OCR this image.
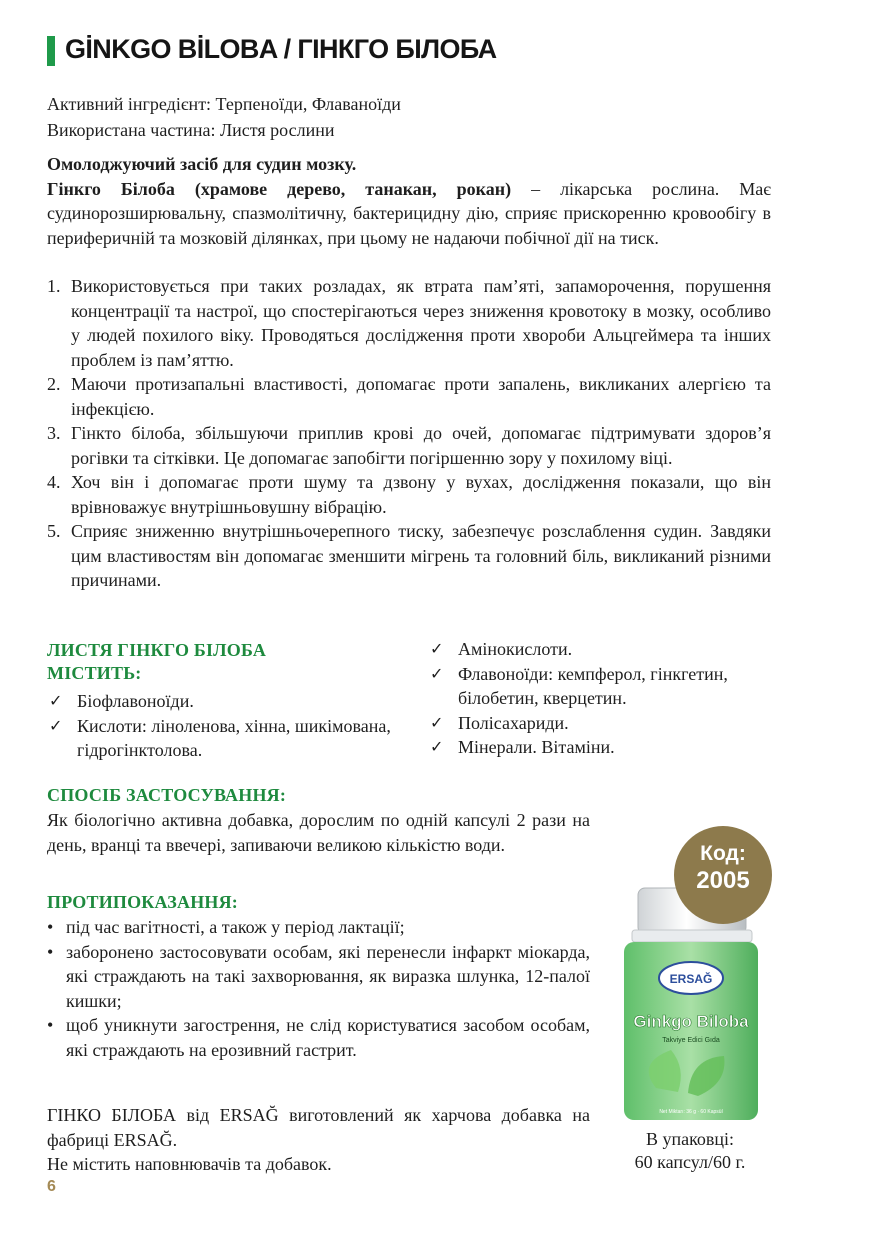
GİNKGO BİLOBA / ГІНКГО БІЛОБА
Активний інгредієнт: Терпеноїди, Флаваноїди
Використана частина: Листя рослини
Омолоджуючий засіб для судин мозку.
Гінкго Білоба (храмове дерево, танакан, рокан) – лікарська рослина. Має судинорозширювальну, спазмолітичну, бактерицидну дію, сприяє прискоренню кровообігу в периферичній та мозковій ділянках, при цьому не надаючи побічної дії на тиск.
1. Використовується при таких розладах, як втрата пам’яті, запаморочення, порушення концентрації та настрої, що спостерігаються через зниження кровотоку в мозку, особливо у людей похилого віку. Проводяться дослідження проти хвороби Альцгеймера та інших проблем із пам’яттю.
2. Маючи протизапальні властивості, допомагає проти запалень, викликаних алергією та інфекцією.
3. Гінкто білоба, збільшуючи приплив крові до очей, допомагає підтримувати здоров’я рогівки та сітківки. Це допомагає запобігти погіршенню зору у похилому віці.
4. Хоч він і допомагає проти шуму та дзвону у вухах, дослідження показали, що він врівноважує внутрішньовушну вібрацію.
5. Сприяє зниженню внутрішньочерепного тиску, забезпечує розслаблення судин. Завдяки цим властивостям він допомагає зменшити мігрень та головний біль, викликаний різними причинами.
ЛИСТЯ ГІНКГО БІЛОБА
МІСТИТЬ:
✓ Біофлавоноїди.
✓ Кислоти: ліноленова, хінна, шикімована, гідрогінктолова.
✓ Амінокислоти.
✓ Флавоноїди: кемпферол, гінкгетин, білобетин, кверцетин.
✓ Полісахариди.
✓ Мінерали. Вітаміни.
СПОСІБ ЗАСТОСУВАННЯ:
Як біологічно активна добавка, дорослим по одній капсулі 2 рази на день, вранці та ввечері, запиваючи великою кількістю води.
ПРОТИПОКАЗАННЯ:
• під час вагітності, а також у період лактації;
• заборонено застосовувати особам, які перенесли інфаркт міокарда, які страждають на такі захворювання, як виразка шлунка, 12-палої кишки;
• щоб уникнути загострення, не слід користуватися засобом особам, які страждають на ерозивний гастрит.
ГІНКО БІЛОБА від ERSAĞ виготовлений як харчова добавка на фабриці ERSAĞ.
Не містить наповнювачів та добавок.
6
ERSAĞ
Ginkgo Biloba
Takviye Edici Gıda
Net Miktarı: 36 g · 60 Kapsül
Код:
2005
В упаковці:
60 капсул/60 г.
